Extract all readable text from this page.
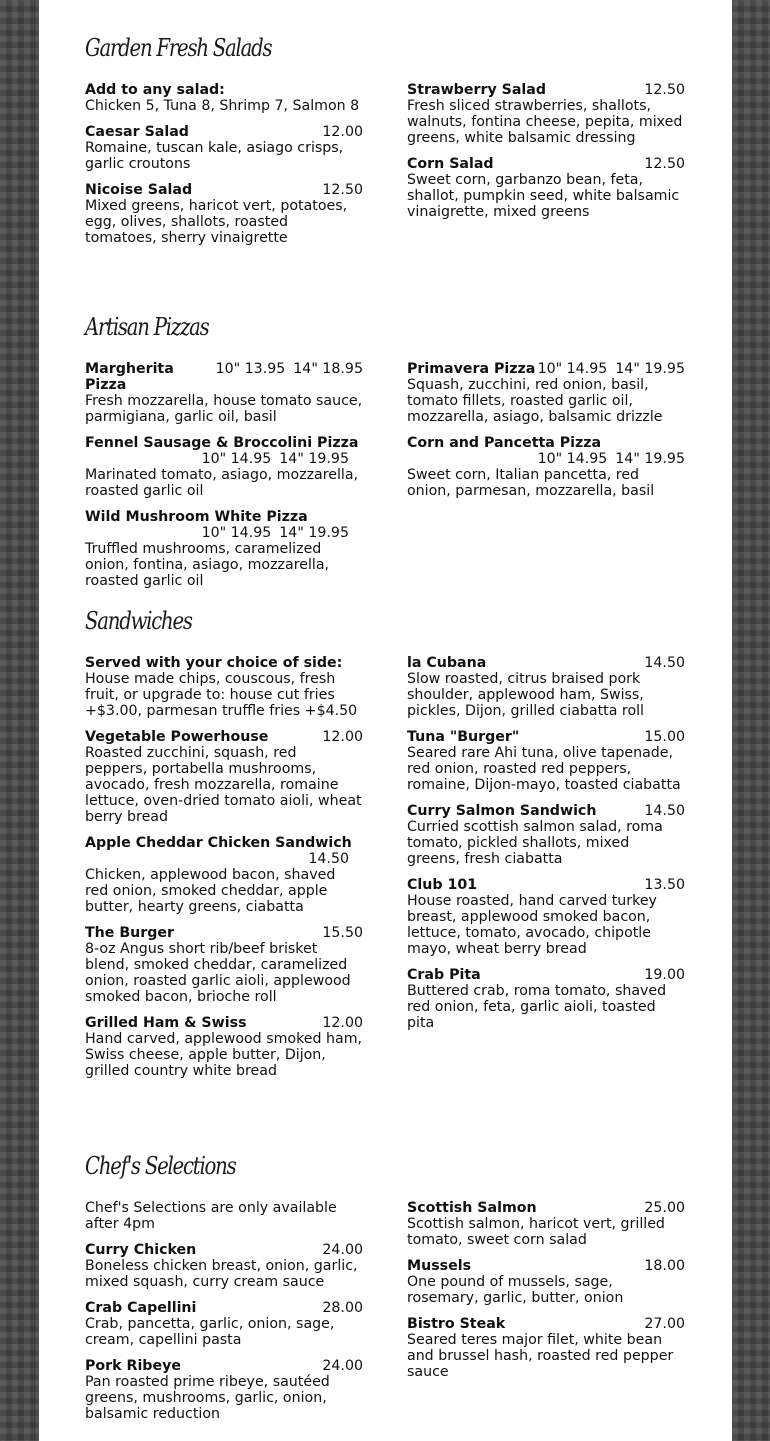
Garden Fresh Salads
Add to any salad:
Chicken 5, Tuna 8, Shrimp 7, Salmon 8
Caesar Salad	12.00
Romaine, tuscan kale, asiago crisps, garlic croutons
Nicoise Salad	12.50
Mixed greens, haricot vert, potatoes, egg, olives, shallots, roasted tomatoes, sherry vinaigrette
Strawberry Salad	12.50
Fresh sliced strawberries, shallots, walnuts, fontina cheese, pepita, mixed greens, white balsamic dressing
Corn Salad	12.50
Sweet corn, garbanzo bean, feta, shallot, pumpkin seed, white balsamic vinaigrette, mixed greens
Artisan Pizzas
Margherita Pizza
10" 13.95 14" 18.95
Fresh mozzarella, house tomato sauce, parmigiana, garlic oil, basil
Fennel Sausage & Broccolini Pizza
10" 14.95 14" 19.95
Marinated tomato, asiago, mozzarella, roasted garlic oil
Wild Mushroom White Pizza
10" 14.95 14" 19.95
Truffled mushrooms, caramelized onion, fontina, asiago, mozzarella, roasted garlic oil
Primavera Pizza 10" 14.95 14" 19.95
Squash, zucchini, red onion, basil, tomato fillets, roasted garlic oil, mozzarella, asiago, balsamic drizzle
Corn and Pancetta Pizza
10" 14.95 14" 19.95
Sweet corn, Italian pancetta, red onion, parmesan, mozzarella, basil
Sandwiches
Served with your choice of side:
House made chips, couscous, fresh fruit, or upgrade to: house cut fries +$3.00, parmesan truffle fries +$4.50
Vegetable Powerhouse	12.00
Roasted zucchini, squash, red peppers, portabella mushrooms, avocado, fresh mozzarella, romaine lettuce, oven-dried tomato aioli, wheat berry bread
Apple Cheddar Chicken Sandwich
14.50
Chicken, applewood bacon, shaved red onion, smoked cheddar, apple butter, hearty greens, ciabatta
The Burger	15.50
8-oz Angus short rib/beef brisket blend, smoked cheddar, caramelized onion, roasted garlic aioli, applewood smoked bacon, brioche roll
Grilled Ham & Swiss	12.00
Hand carved, applewood smoked ham, Swiss cheese, apple butter, Dijon, grilled country white bread
la Cubana	14.50
Slow roasted, citrus braised pork shoulder, applewood ham, Swiss, pickles, Dijon, grilled ciabatta roll
Tuna "Burger"	15.00
Seared rare Ahi tuna, olive tapenade, red onion, roasted red peppers, romaine, Dijon-mayo, toasted ciabatta
Curry Salmon Sandwich	14.50
Curried scottish salmon salad, roma tomato, pickled shallots, mixed greens, fresh ciabatta
Club 101	13.50
House roasted, hand carved turkey breast, applewood smoked bacon, lettuce, tomato, avocado, chipotle mayo, wheat berry bread
Crab Pita	19.00
Buttered crab, roma tomato, shaved red onion, feta, garlic aioli, toasted pita
Chef's Selections
Chef's Selections are only available after 4pm
Curry Chicken	24.00
Boneless chicken breast, onion, garlic, mixed squash, curry cream sauce
Crab Capellini	28.00
Crab, pancetta, garlic, onion, sage, cream, capellini pasta
Pork Ribeye	24.00
Pan roasted prime ribeye, sautéed greens, mushrooms, garlic, onion, balsamic reduction
Scottish Salmon	25.00
Scottish salmon, haricot vert, grilled tomato, sweet corn salad
Mussels	18.00
One pound of mussels, sage, rosemary, garlic, butter, onion
Bistro Steak	27.00
Seared teres major filet, white bean and brussel hash, roasted red pepper sauce
